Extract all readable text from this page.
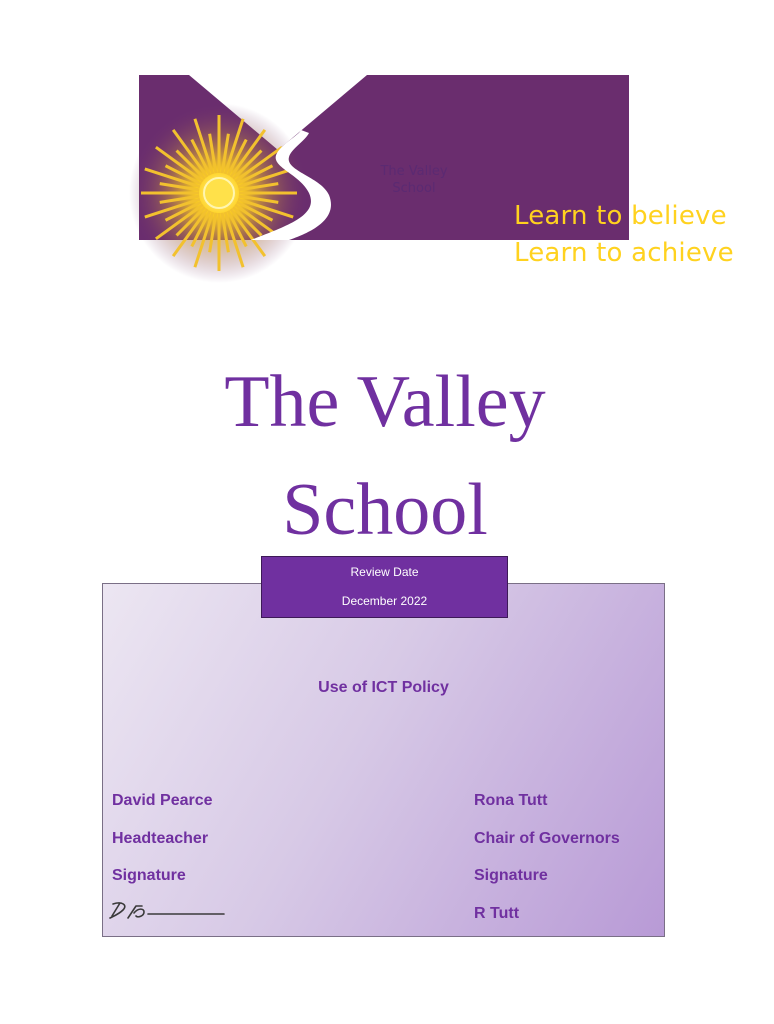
The Valley
School
Learn to believe
Learn to achieve
The Valley
School
Review Date
December 2022
Use of ICT Policy
David Pearce
Headteacher
Signature
Rona Tutt
Chair of Governors
Signature
R Tutt
